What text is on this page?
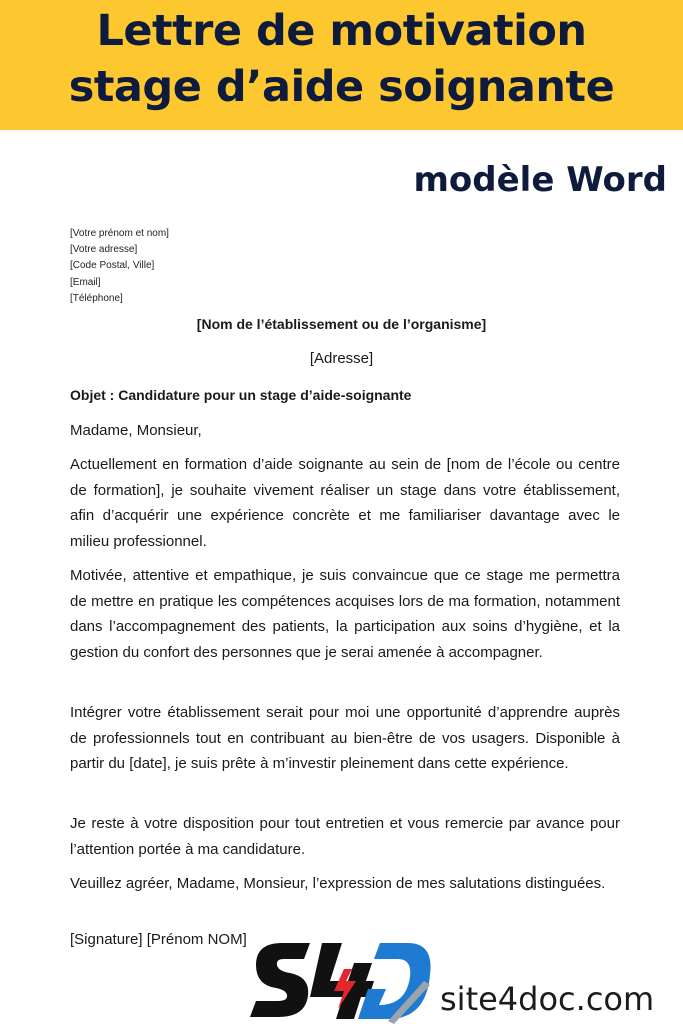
Lettre de motivation
stage d’aide soignante
modèle Word
[Votre prénom et nom]
[Votre adresse]
[Code Postal, Ville]
[Email]
[Téléphone]
[Nom de l’établissement ou de l’organisme]
[Adresse]
Objet : Candidature pour un stage d’aide-soignante
Madame, Monsieur,

Actuellement en formation d’aide soignante au sein de [nom de l’école ou centre de formation], je souhaite vivement réaliser un stage dans votre établissement, afin d’acquérir une expérience concrète et me familiariser davantage avec le milieu professionnel.

Motivée, attentive et empathique, je suis convaincue que ce stage me permettra de mettre en pratique les compétences acquises lors de ma formation, notamment dans l’accompagnement des patients, la participation aux soins d’hygiène, et la gestion du confort des personnes que je serai amenée à accompagner.

Intégrer votre établissement serait pour moi une opportunité d’apprendre auprès de professionnels tout en contribuant au bien-être de vos usagers. Disponible à partir du [date], je suis prête à m’investir pleinement dans cette expérience.

Je reste à votre disposition pour tout entretien et vous remercie par avance pour l’attention portée à ma candidature.

Veuillez agréer, Madame, Monsieur, l’expression de mes salutations distinguées.

[Signature] [Prénom NOM]
site4doc.com
